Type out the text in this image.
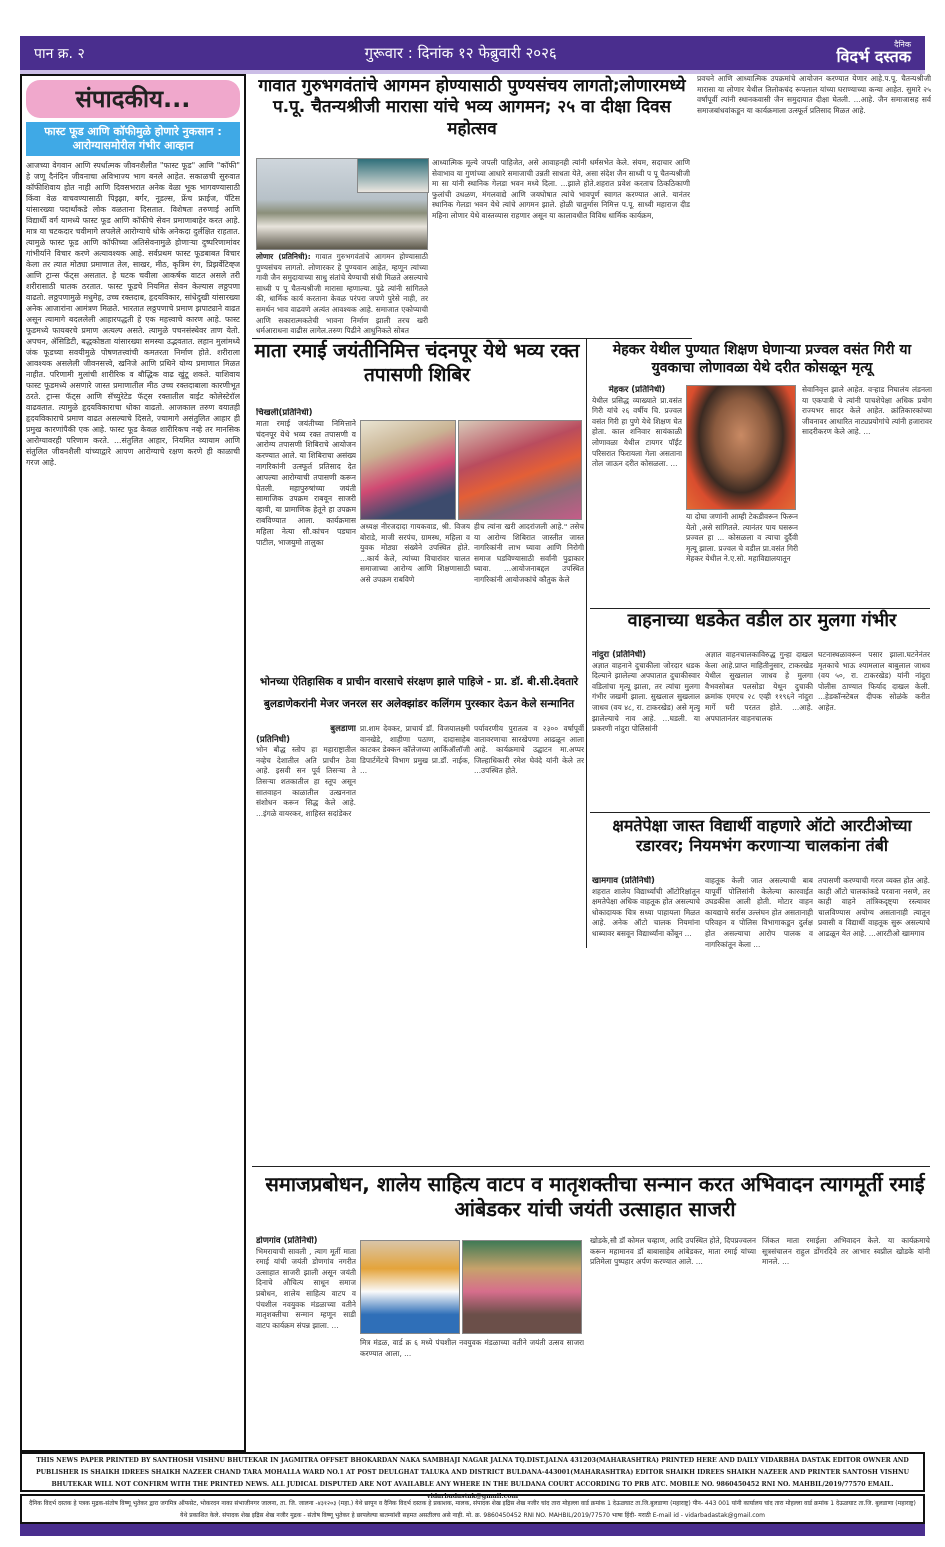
पान क्र. २	गुरूवार : दिनांक १२ फेब्रुवारी २०२६	दैनिक
विदर्भ दस्तक
संपादकीय...
फास्ट फूड आणि कॉफीमुळे होणारे नुकसान : आरोग्यासमोरील गंभीर आव्हान
आजच्या वेगवान आणि स्पर्धात्मक जीवनशैलीत "फास्ट फूड" आणि "कॉफी" हे जणू दैनंदिन जीवनाचा अविभाज्य भाग बनले आहेत. सकाळची सुरुवात कॉफीशिवाय होत नाही आणि दिवसभरात अनेक वेळा भूक भागवण्यासाठी किंवा वेळ वाचवण्यासाठी पिझ्झा, बर्गर, नूडल्स, फ्रेंच फ्राईज, पॅटिस यांसारख्या पदार्थांकडे लोक वळताना दिसतात. विशेषतः तरुणाई आणि विद्यार्थी वर्ग यामध्ये फास्ट फूड आणि कॉफीचे सेवन प्रमाणाबाहेर करत आहे. मात्र या चटकदार चवीमागे लपलेले आरोग्याचे धोके अनेकदा दुर्लक्षित राहतात. त्यामुळे फास्ट फूड आणि कॉफीच्या अतिसेवनामुळे होणाऱ्या दुष्परिणामांवर गांभीर्याने विचार करणे अत्यावश्यक आहे. सर्वप्रथम फास्ट फूडबाबत विचार केला तर त्यात मोठ्या प्रमाणात तेल, साखर, मीठ, कृत्रिम रंग, प्रिझर्वेटिव्ह्ज आणि ट्रान्स फॅट्स असतात. हे घटक चवीला आकर्षक वाटत असले तरी शरीरासाठी घातक ठरतात. फास्ट फूडचे नियमित सेवन केल्यास लठ्ठपणा वाढतो. लठ्ठपणामुळे मधुमेह, उच्च रक्तदाब, हृदयविकार, सांधेदुखी यांसारख्या अनेक आजारांना आमंत्रण मिळते. भारतात लठ्ठपणाचे प्रमाण झपाट्याने वाढत असून त्यामागे बदललेली आहारपद्धती हे एक महत्त्वाचे कारण आहे. फास्ट फूडमध्ये फायबरचे प्रमाण अत्यल्प असते. त्यामुळे पचनसंस्थेवर ताण येतो. अपचन, ॲसिडिटी, बद्धकोष्ठता यांसारख्या समस्या उद्भवतात. लहान मुलांमध्ये जंक फूडच्या सवयीमुळे पोषणतत्त्वांची कमतरता निर्माण होते. शरीराला आवश्यक असलेली जीवनसत्त्वे, खनिजे आणि प्रथिने योग्य प्रमाणात मिळत नाहीत. परिणामी मुलांची शारीरिक व बौद्धिक वाढ खुंटू शकते. याशिवाय फास्ट फूडमध्ये असणारे जास्त प्रमाणातील मीठ उच्च रक्तदाबाला कारणीभूत ठरते. ट्रान्स फॅट्स आणि सॅच्युरेटेड फॅट्स रक्तातील वाईट कोलेस्टेरॉल वाढवतात. त्यामुळे हृदयविकाराचा धोका वाढतो. आजकाल तरुण वयातही हृदयविकाराचे प्रमाण वाढत असल्याचे दिसते, ज्यामागे असंतुलित आहार ही प्रमुख कारणांपैकी एक आहे. फास्ट फूड केवळ शारीरिकच नव्हे तर मानसिक आरोग्यावरही परिणाम करते. ...संतुलित आहार, नियमित व्यायाम आणि संतुलित जीवनशैली यांच्याद्वारे आपण आरोग्याचे रक्षण करणे ही काळाची गरज आहे.
गावात गुरुभगवंतांचे आगमन होण्यासाठी पुण्यसंचय लागतो;लोणारमध्ये प.पू. चैतन्यश्रीजी मारासा यांचे भव्य आगमन; २५ वा दीक्षा दिवस महोत्सव
लोणार (प्रतिनिधी): गावात गुरुभगवंतांचे आगमन होण्यासाठी पुण्यसंचय लागतो. लोणारकर हे पुण्यवान आहेत, म्हणून त्यांच्या गावी जैन समुदायाच्या साधु संतांचे येण्याची संधी मिळते असल्याचे साध्वी प पू चैतन्यश्रीजी मारासा म्हणाल्या. पुढे त्यांनी सांगितले की, धार्मिक कार्य करताना केवळ परंपरा जपणे पुरेसे नाही, तर समर्थन भाव वाढवणे अत्यंत आवश्यक आहे. समाजात एकोप्याची आणि सकारात्मकतेची भावना निर्माण झाली तरच खरी धर्मआराधना वाढीस लागेल.तरुण पिढीने आधुनिकते सोबत
आध्यात्मिक मूल्ये जपली पाहिजेत, असे आवाहनही त्यांनी धर्मसभेत केले. संयम, सदाचार आणि सेवाभाव या गुणांच्या आधारे समाजाची उन्नती साधता येते, असा संदेश जैन साध्वी प पू चैतन्यश्रीजी मा सा यांनी स्थानिक गेलडा भवन मध्ये दिला. ...झाले होते.शहरात प्रवेश करताच ठिकठिकाणी फुलांची उधळण, मंगलवाद्ये आणि जयघोषात त्यांचे भावपूर्ण स्वागत करण्यात आले. यानंतर स्थानिक गेलडा भवन येथे त्यांचे आगमन झाले. होळी चातुर्मास निमित्त प.पू. साध्वी महाराज दीड महिना लोणार येथे वास्तव्यास राहणार असून या कालावधीत विविध धार्मिक कार्यक्रम,
प्रवचने आणि आध्यात्मिक उपक्रमांचे आयोजन करण्यात येणार आहे.प.पू. चैतन्यश्रीजी मारासा या लोणार येथील तिलोकचंद रूपलाल यांच्या घराण्याच्या कन्या आहेत. सुमारे २५ वर्षांपूर्वी त्यांनी स्थानकवासी जैन समुदायात दीक्षा घेतली. ...आहे. जैन समाजासह सर्व समाजबांधवांकडून या कार्यक्रमाला उत्स्फूर्त प्रतिसाद मिळत आहे.
माता रमाई जयंतीनिमित्त चंदनपूर येथे भव्य रक्त तपासणी शिबिर
चिखली(प्रतिनिधी)
माता रमाई जयंतीच्या निमित्ताने चंदनपूर येथे भव्य रक्त तपासणी व आरोग्य तपासणी शिबिराचे आयोजन करण्यात आले. या शिबिराचा असंख्य नागरिकांनी उत्स्फूर्त प्रतिसाद देत आपल्या आरोग्याची तपासणी करून घेतली. महापुरुषांच्या जयंती सामाजिक उपक्रम राबवून साजरी व्हावी, या प्रामाणिक हेतूने हा उपक्रम राबविण्यात आला. कार्यक्रमास महिला नेत्या सौ.कांचन पडघान पाटील, भाजयुमो तालुका
अध्यक्ष नीरजदादा गायकवाड, श्री. विजय बोराडे, माजी सरपंच, ग्रामस्थ, महिला व युवक मोठ्या संख्येने उपस्थित होते. ...कार्य केले, त्यांच्या विचारांवर चालत समाजाच्या आरोग्य आणि शिक्षणासाठी असे उपक्रम राबविणे
हीच त्यांना खरी आदरांजली आहे." तसेच या आरोग्य शिबिरात जास्तीत जास्त नागरिकांनी लाभ घ्यावा आणि निरोगी समाज घडविण्यासाठी सर्वांनी पुढाकार घ्यावा. ...आयोजनाबद्दल उपस्थित नागरिकांनी आयोजकांचे कौतुक केले
भोनच्या ऐतिहासिक व प्राचीन वारसाचे संरक्षण झाले पाहिजे - प्रा. डॉ. बी.सी.देवतारे
बुलडाणेकरांनी मेजर जनरल सर अलेक्झांडर कलिंगम पुरस्कार देऊन केले सन्मानित
बुलडाणा
(प्रतिनिधी)
भोन बौद्ध स्तोप हा महाराष्ट्रातील नव्हेच देशातील अति प्राचीन ठेवा आहे. इसवी सन पूर्व तिसऱ्या ते तिसऱ्या शतकातील हा स्तूप असून सातवाहन काळातील उत्खननात संशोधन करून सिद्ध केले आहे. ...इंगळे वायरकर, शाहिस्त सदांडेकर
प्रा.शाम देवकर, प्राचार्य डॉ. विजयालक्ष्मी वानखेडे, शाहीणा पठाण, दादासाहेब काटकर डेक्कन कॉलेजच्या आर्किऑलॉजी डिपार्टमेंटचे विभाग प्रमुख प्रा.डॉ. नाईक, ...
पर्यावरणीय पुरातत्व व २३०० वर्षापूर्वी वातावरणाचा सारखेपणा आढळून आला आहे. कार्यक्रमाचे उद्घाटन मा.अप्पर जिल्हाधिकारी रमेश घेवंदे यांनी केले तर ...उपस्थित होते.
मेहकर येथील पुण्यात शिक्षण घेणाऱ्या प्रज्वल वसंत गिरी या युवकाचा लोणावळा येथे दरीत कोसळून मृत्यू
मेहकर (प्रतिनिधी)
येथील प्रसिद्ध व्याख्याते प्रा.वसंत गिरी यांचे २६ वर्षीय चि. प्रज्वल वसंत गिरी हा पुणे येथे शिक्षण घेत होता. काल शनिवार सायंकाळी लोणावळा येथील टायगर पॉईंट परिसरात फिरायला गेला असताना तोल जाऊन दरीत कोसळला. ...
या दोघा जणांनी आम्ही टेकडीवरून फिरून येतो ,असे सांगितले. त्यानंतर पाय घसरून प्रज्वल हा ... कोसळला व त्याचा दुर्दैवी मृत्यू झाला. प्रज्वल चे वडील प्रा.वसंत गिरी मेहकर येथील ने.ए.सो. महाविद्यालयातून
सेवानिवृत्त झाले आहेत. वऱ्हाड निघालंय लंडनला या एकपात्री चे त्यांनी पाचशेपेक्षा अधिक प्रयोग राज्यभर सादर केले आहेत. क्रांतिकारकांच्या जीवनावर आधारित नाट्यप्रयोगांचे त्यांनी हजारावर सादरीकरण केले आहे. ...
वाहनाच्या धडकेत वडील ठार मुलगा गंभीर
नांदुरा (प्रतिनिधी)
अज्ञात वाहनाने दुचाकीला जोरदार धडक दिल्याने झालेल्या अपघातात दुचाकीस्वार वडिलांचा मृत्यू झाला, तर त्यांचा मुलगा गंभीर जखमी झाला. सुखलाल सुखलाल जाधव (वय ४८, रा. टाकरखेड) असे मृत्यू झालेल्याचे नाव आहे. ...घडली. या प्रकरणी नांदुरा पोलिसांनी
अज्ञात वाहनचालकाविरुद्ध गुन्हा दाखल केला आहे.प्राप्त माहितीनुसार, टाकरखेड येथील सुखलाल जाधव हे मुलगा वैभवसोबत पलसोडा येथून दुचाकी क्रमांक एमएच २८ एव्ही ११९६ने नांदुरा मार्गे घरी परतत होते. ...आहे. अपघातानंतर वाहनचालक
घटनास्थळावरून पसार झाला.घटनेनंतर मृतकाचे भाऊ श्यामलाल बाबुलाल जाधव (वय ५०, रा. टाकरखेड) यांनी नांदुरा पोलीस ठाण्यात फिर्याद दाखल केली. ...हेडकॉन्स्टेबल दीपक सोळंके करीत आहेत.
क्षमतेपेक्षा जास्त विद्यार्थी वाहणारे ऑटो आरटीओच्या रडारवर; नियमभंग करणाऱ्या चालकांना तंबी
खामगाव (प्रतिनिधी)
शहरात शालेय विद्यार्थ्यांची ऑटोरिक्षांतून क्षमतेपेक्षा अधिक वाहतूक होत असल्याचे धोकादायक चित्र सध्या पाहायला मिळत आहे. अनेक ऑटो चालक नियमांना धाब्यावर बसवून विद्यार्थ्यांना कोंबून ...
वाहतूक केली जात असल्याची बाब यापूर्वी पोलिसांनी केलेल्या कारवाईत उघडकीस आली होती. मोटार वाहन कायद्याचे सर्रास उल्लंघन होत असतानाही परिवहन व पोलिस विभागाकडून दुर्लक्ष होत असल्याचा आरोप पालक व नागरिकांतून केला ...
तपासणी करण्याची गरज व्यक्त होत आहे. काही ऑटो चालकांकडे परवाना नसणे, तर काही वाहने तांत्रिकदृष्ट्या रस्त्यावर चालविण्यास अयोग्य असतानाही त्यातून प्रवासी व विद्यार्थी वाहतूक सुरू असल्याचे आढळून येत आहे. ...आरटीओ खामगाव
समाजप्रबोधन, शालेय साहित्य वाटप व मातृशक्तीचा सन्मान करत अभिवादन त्यागमूर्ती रमाई आंबेडकर यांची जयंती उत्साहात साजरी
डोणगांव (प्रतिनिधी)
भिमरायाची सावली , त्याग मूर्ती माता रमाई यांची जयंती डोणगांव नगरीत उत्साहात साजरी झाली असून जयंती दिनाचे औचित्य साधून समाज प्रबोधन, शालेय साहित्य वाटप व पंचशील नवयुवक मंडळाच्या वतीने मातृशक्तीचा सन्मान म्हणून साडी वाटप कार्यक्रम संपन्न झाला. ...
मित्र मंडळ, वार्ड क्र ६ मध्ये पंचशील नवयुवक मंडळाच्या वतीने जयंती उत्सव साजरा करण्यात आला, ...
खोडके,सौ डॉ कोमल चव्हाण, आदि उपस्थित होते, दिपप्रज्वलन करून महामानव डॉ बाबासाहेब आंबेडकर, माता रमाई यांच्या प्रतिमेला पुष्पहार अर्पण करण्यात आले. ...
जिंकत माता रमाईला अभिवादन केले. या कार्यक्रमाचे सूत्रसंचालन राहुल डोंगरदिवे तर आभार स्वप्नील खोडके यांनी मानले. ...
THIS NEWS PAPER PRINTED BY SANTHOSH VISHNU BHUTEKAR IN JAGMITRA OFFSET BHOKARDAN NAKA SAMBHAJI NAGAR JALNA TQ.DIST.JALNA 431203(MAHARASHTRA) PRINTED HERE AND DAILY VIDARBHA DASTAK EDITOR OWNER AND PUBLISHER IS SHAIKH IDREES SHAIKH NAZEER CHAND TARA MOHALLA WARD NO.1 AT POST DEULGHAT TALUKA AND DISTRICT BULDANA-443001(MAHARASHTRA) EDITOR SHAIKH IDREES SHAIKH NAZEER AND PRINTER SANTOSH VISHNU BHUTEKAR WILL NOT CONFIRM WITH THE PRINTED NEWS. ALL JUDICAL DISPUTED ARE NOT AVAILABLE ANY WHERE IN THE BULDANA COURT ACCORDING TO PRB ATC. MOBILE NO. 9860450452 RNI NO. MAHBIL/2019/77570 EMAIL. vidarbadastak@gmail.com
दैनिक विदर्भ दस्तक हे पत्रक मुद्रक-संतोष विष्णू भुतेकर द्वारा जगमित्र ऑफसेट, भोकरदन नाका संभाजीनगर जालना, ता. जि. जालना -४३१२०३ (महा.) येथे छापून व दैनिक विदर्भ दस्तक हे प्रकाशक, मालक, संपादक शेख इद्रिस शेख नजीर चांद तारा मोहल्ला वार्ड क्रमांक 1 देऊळघाट ता.जि.बुलडाणा (महाराष्ट्र) पीन- 443 001 यांनी कार्यालय चांद तारा मोहल्ला वार्ड क्रमांक 1 देऊळघाट ता.जि. बुलडाणा (महाराष्ट्र) येथे प्रकाशित केले. संपादक शेख इद्रिस शेख नजीर मुद्रक - संतोष विष्णू भुतेकर हे छापलेल्या बातम्यांशी सहमत असतीलच असे नाही. मो. क्र. 9860450452 RNI NO. MAHBIL/2019/77570 भाषा हिंदी- मराठी E-mail id - vidarbadastak@gmail.com
